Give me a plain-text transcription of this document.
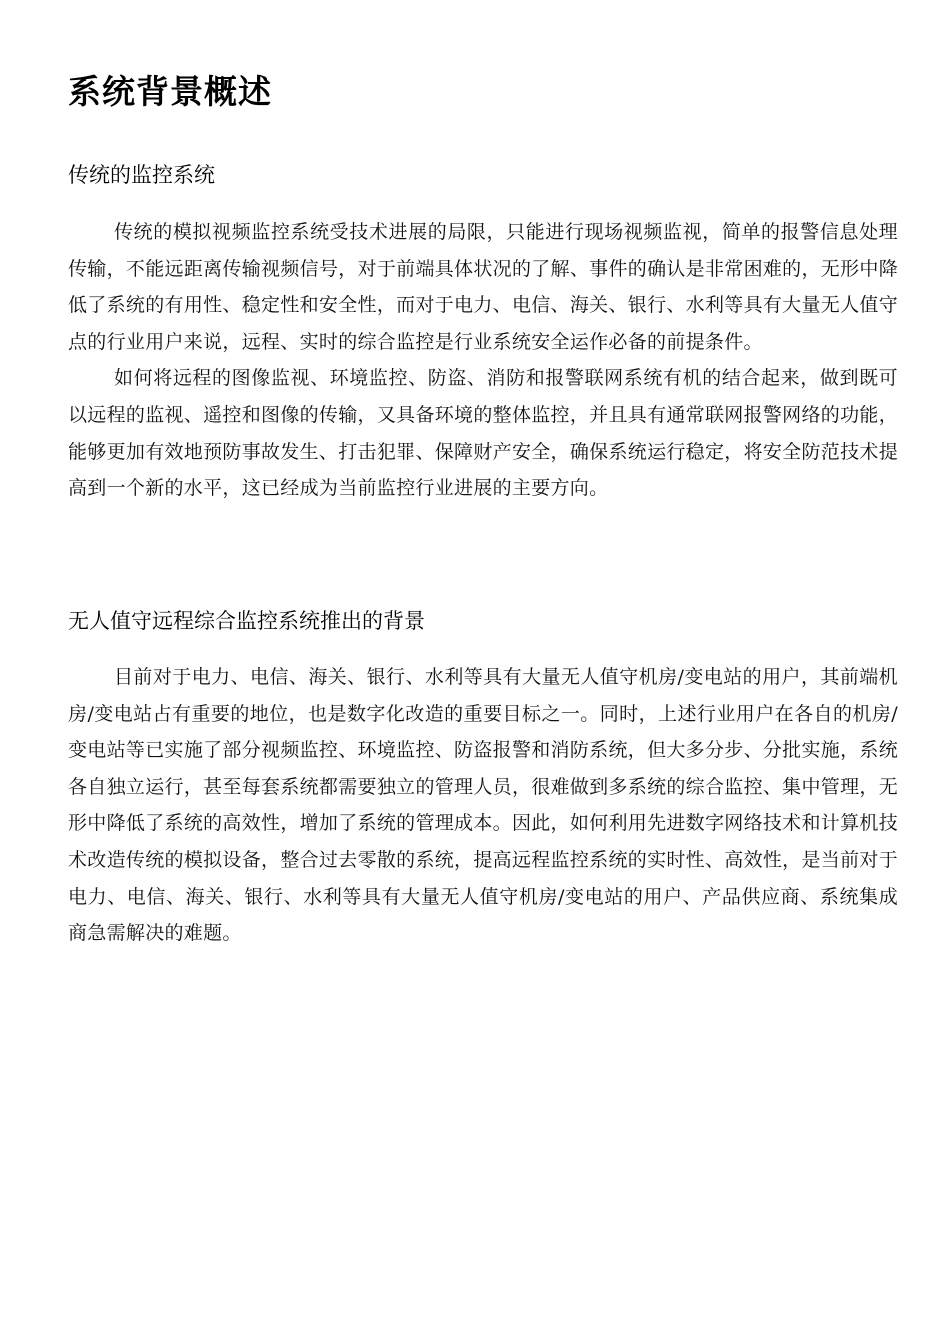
系统背景概述
传统的监控系统

传统的模拟视频监控系统受技术进展的局限，只能进行现场视频监视，简单的报警信息处理传输，不能远距离传输视频信号，对于前端具体状况的了解、事件的确认是非常困难的，无形中降低了系统的有用性、稳定性和安全性，而对于电力、电信、海关、银行、水利等具有大量无人值守点的行业用户来说，远程、实时的综合监控是行业系统安全运作必备的前提条件。

如何将远程的图像监视、环境监控、防盗、消防和报警联网系统有机的结合起来，做到既可以远程的监视、遥控和图像的传输，又具备环境的整体监控，并且具有通常联网报警网络的功能，能够更加有效地预防事故发生、打击犯罪、保障财产安全，确保系统运行稳定，将安全防范技术提高到一个新的水平，这已经成为当前监控行业进展的主要方向。

无人值守远程综合监控系统推出的背景

目前对于电力、电信、海关、银行、水利等具有大量无人值守机房/变电站的用户，其前端机房/变电站占有重要的地位，也是数字化改造的重要目标之一。同时，上述行业用户在各自的机房/变电站等已实施了部分视频监控、环境监控、防盗报警和消防系统，但大多分步、分批实施，系统各自独立运行，甚至每套系统都需要独立的管理人员，很难做到多系统的综合监控、集中管理，无形中降低了系统的高效性，增加了系统的管理成本。因此，如何利用先进数字网络技术和计算机技术改造传统的模拟设备，整合过去零散的系统，提高远程监控系统的实时性、高效性，是当前对于电力、电信、海关、银行、水利等具有大量无人值守机房/变电站的用户、产品供应商、系统集成商急需解决的难题。
